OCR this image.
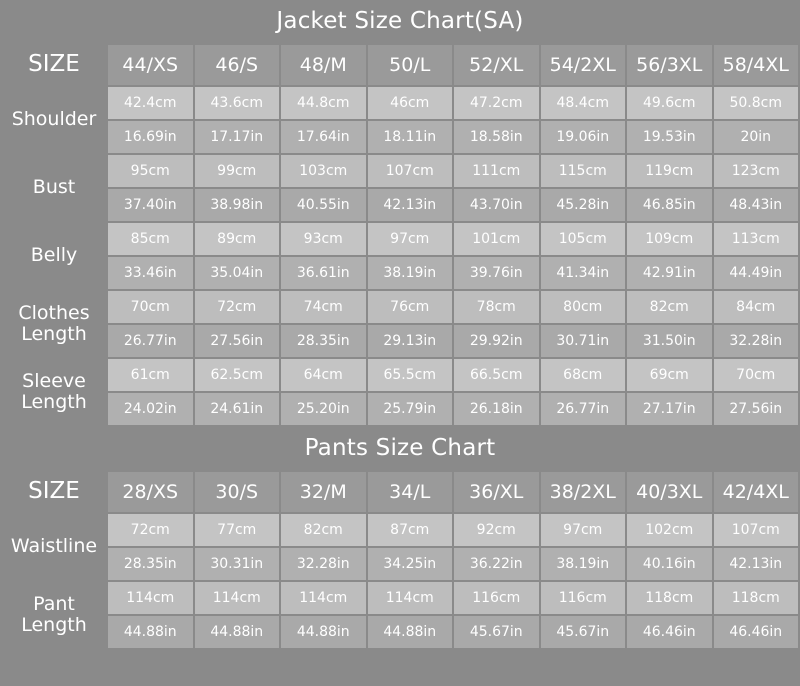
Jacket Size Chart(SA)
SIZE	44/XS	46/S	48/M	50/L	52/XL	54/2XL	56/3XL	58/4XL
Shoulder	42.4cm	43.6cm	44.8cm	46cm	47.2cm	48.4cm	49.6cm	50.8cm
	16.69in	17.17in	17.64in	18.11in	18.58in	19.06in	19.53in	20in
Bust	95cm	99cm	103cm	107cm	111cm	115cm	119cm	123cm
	37.40in	38.98in	40.55in	42.13in	43.70in	45.28in	46.85in	48.43in
Belly	85cm	89cm	93cm	97cm	101cm	105cm	109cm	113cm
	33.46in	35.04in	36.61in	38.19in	39.76in	41.34in	42.91in	44.49in
Clothes Length	70cm	72cm	74cm	76cm	78cm	80cm	82cm	84cm
	26.77in	27.56in	28.35in	29.13in	29.92in	30.71in	31.50in	32.28in
Sleeve Length	61cm	62.5cm	64cm	65.5cm	66.5cm	68cm	69cm	70cm
	24.02in	24.61in	25.20in	25.79in	26.18in	26.77in	27.17in	27.56in
Pants Size Chart
SIZE	28/XS	30/S	32/M	34/L	36/XL	38/2XL	40/3XL	42/4XL
Waistline	72cm	77cm	82cm	87cm	92cm	97cm	102cm	107cm
	28.35in	30.31in	32.28in	34.25in	36.22in	38.19in	40.16in	42.13in
Pant Length	114cm	114cm	114cm	114cm	116cm	116cm	118cm	118cm
	44.88in	44.88in	44.88in	44.88in	45.67in	45.67in	46.46in	46.46in
